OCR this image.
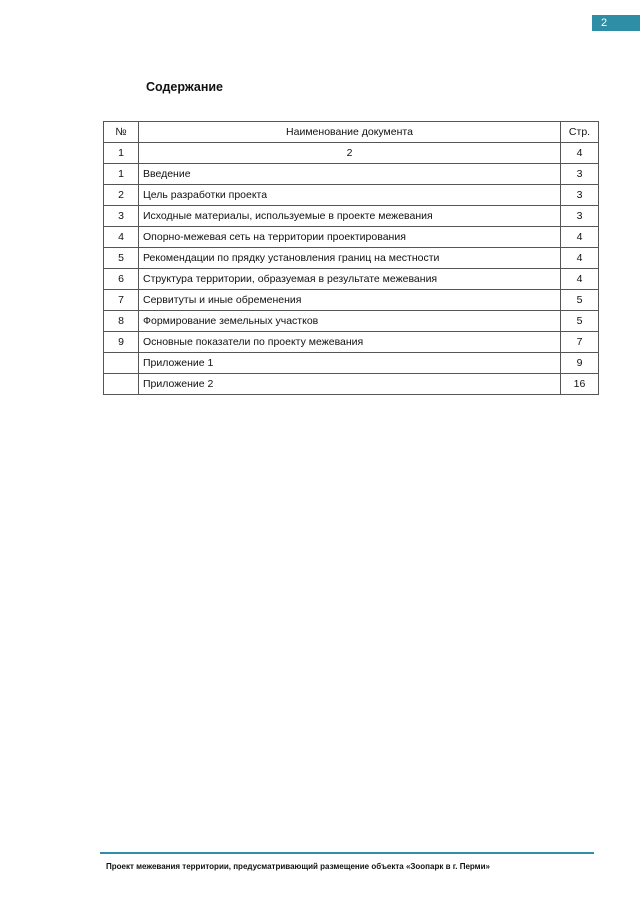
2
Содержание
№	Наименование документа	Стр.
1	2	4
1	Введение	3
2	Цель разработки проекта	3
3	Исходные материалы, используемые в проекте межевания	3
4	Опорно-межевая сеть на территории проектирования	4
5	Рекомендации по прядку установления границ на местности	4
6	Структура территории, образуемая в результате межевания	4
7	Сервитуты и иные обременения	5
8	Формирование земельных участков	5
9	Основные показатели по проекту межевания	7
	Приложение 1	9
	Приложение 2	16
Проект межевания территории, предусматривающий размещение объекта «Зоопарк в г. Перми»
